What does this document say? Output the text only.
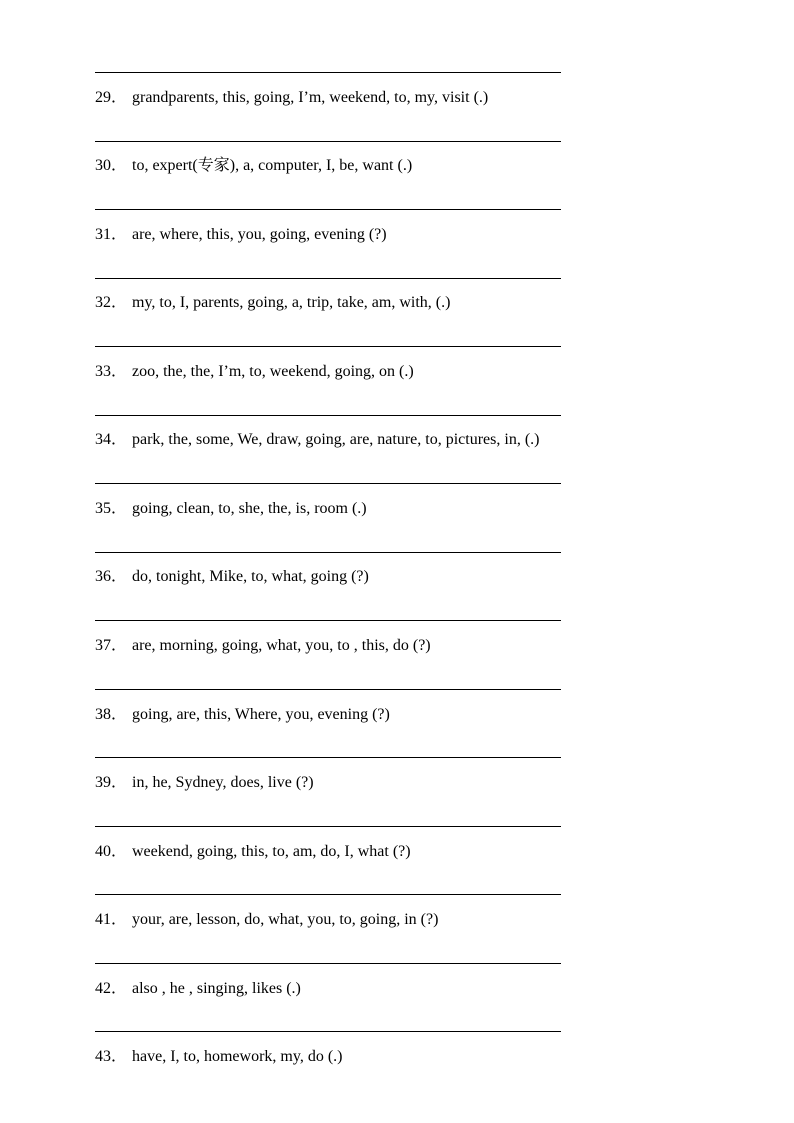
29． grandparents, this, going, I’m, weekend, to, my, visit (.)
30． to, expert(专家), a, computer, I, be, want (.)
31． are, where, this, you, going, evening (?)
32． my, to, I, parents, going, a, trip, take, am, with, (.)
33． zoo, the, the, I’m, to, weekend, going, on (.)
34． park, the, some, We, draw, going, are, nature, to, pictures, in, (.)
35． going, clean, to, she, the, is, room (.)
36． do, tonight, Mike, to, what, going (?)
37． are, morning, going, what, you, to , this, do (?)
38． going, are, this, Where, you, evening (?)
39． in, he, Sydney, does, live (?)
40． weekend, going, this, to, am, do, I, what (?)
41． your, are, lesson, do, what, you, to, going, in (?)
42． also , he , singing, likes (.)
43． have, I, to, homework, my, do (.)
